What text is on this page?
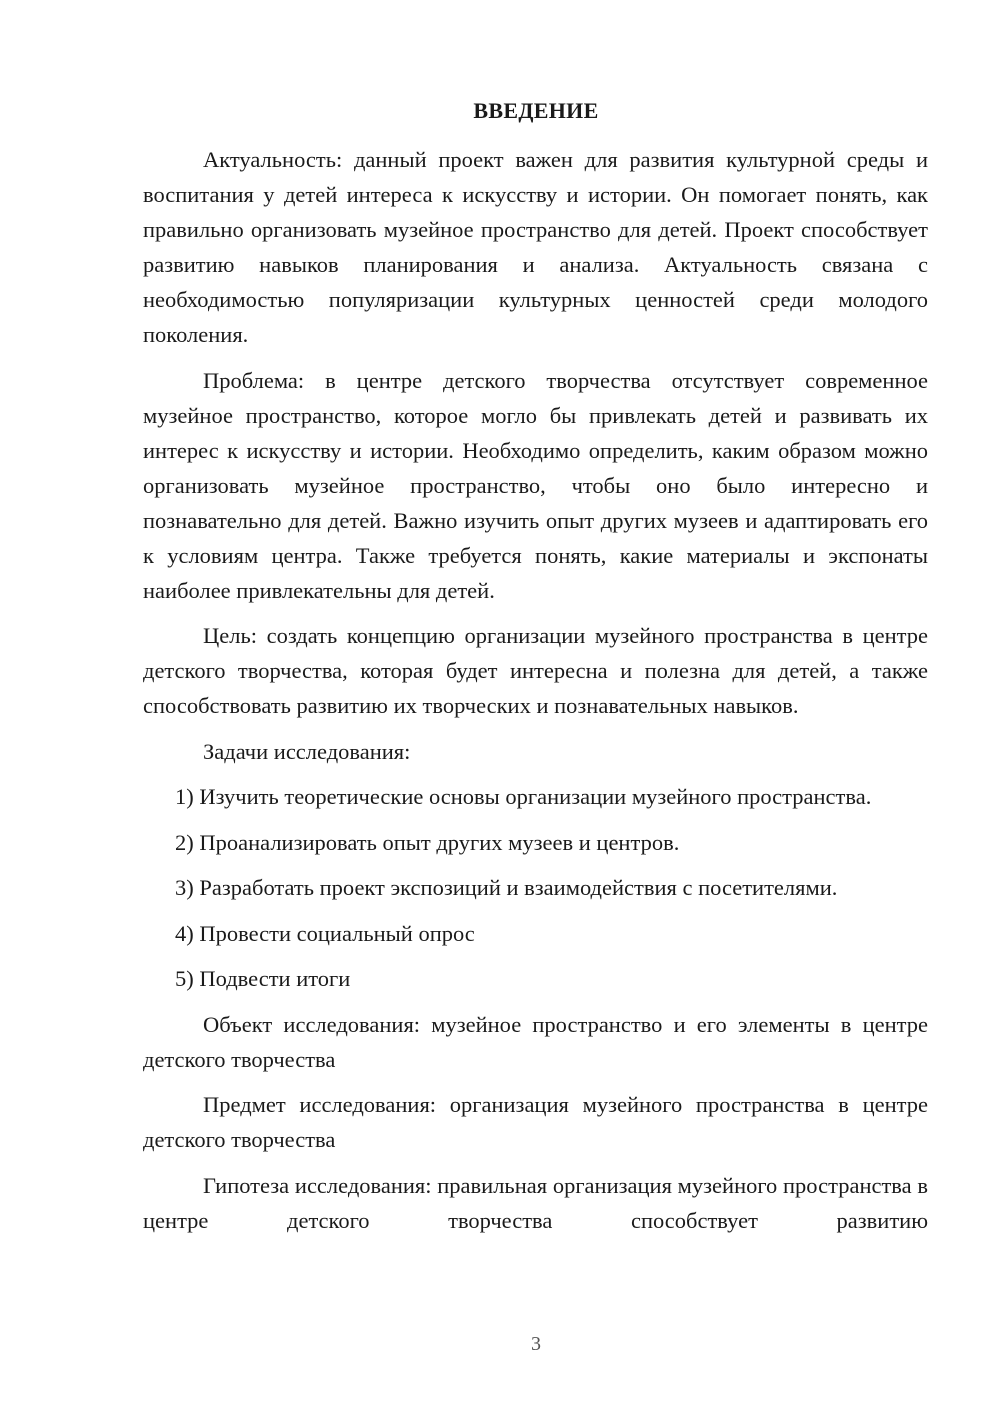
ВВЕДЕНИЕ

Актуальность: данный проект важен для развития культурной среды и воспитания у детей интереса к искусству и истории. Он помогает понять, как правильно организовать музейное пространство для детей. Проект способствует развитию навыков планирования и анализа. Актуальность связана с необходимостью популяризации культурных ценностей среди молодого поколения.

Проблема: в центре детского творчества отсутствует современное музейное пространство, которое могло бы привлекать детей и развивать их интерес к искусству и истории. Необходимо определить, каким образом можно организовать музейное пространство, чтобы оно было интересно и познавательно для детей. Важно изучить опыт других музеев и адаптировать его к условиям центра. Также требуется понять, какие материалы и экспонаты наиболее привлекательны для детей.

Цель: создать концепцию организации музейного пространства в центре детского творчества, которая будет интересна и полезна для детей, а также способствовать развитию их творческих и познавательных навыков.

Задачи исследования:

1) Изучить теоретические основы организации музейного пространства.

2) Проанализировать опыт других музеев и центров.

3) Разработать проект экспозиций и взаимодействия с посетителями.

4) Провести социальный опрос

5) Подвести итоги

Объект исследования: музейное пространство и его элементы в центре детского творчества

Предмет исследования: организация музейного пространства в центре детского творчества

Гипотеза исследования: правильная организация музейного пространства в центре детского творчества способствует развитию

3
